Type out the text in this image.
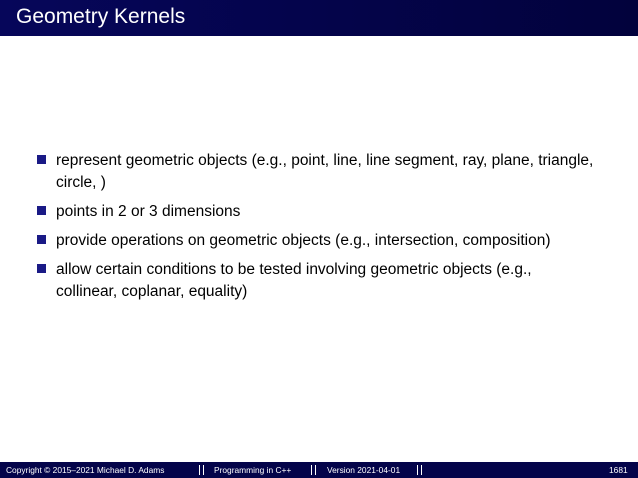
Geometry Kernels
represent geometric objects (e.g., point, line, line segment, ray, plane, triangle, circle, )
points in 2 or 3 dimensions
provide operations on geometric objects (e.g., intersection, composition)
allow certain conditions to be tested involving geometric objects (e.g., collinear, coplanar, equality)
Copyright © 2015–2021 Michael D. Adams	Programming in C++	Version 2021-04-01	1681
